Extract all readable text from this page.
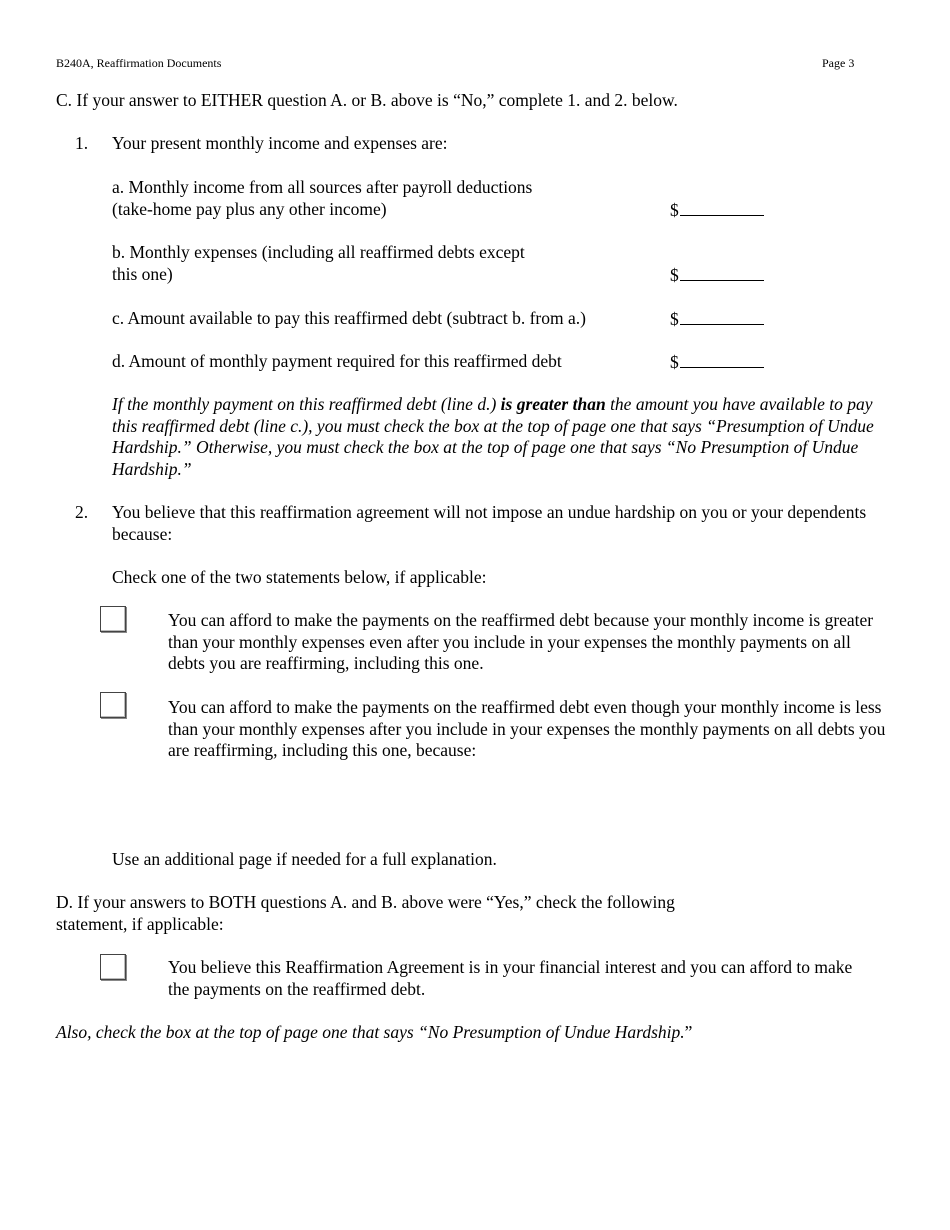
B240A, Reaffirmation Documents	Page 3
C. If your answer to EITHER question A. or B. above is “No,” complete 1. and 2. below.
1. Your present monthly income and expenses are:
a. Monthly income from all sources after payroll deductions
(take-home pay plus any other income)	$
b. Monthly expenses (including all reaffirmed debts except
this one)	$
c. Amount available to pay this reaffirmed debt (subtract b. from a.)	$
d. Amount of monthly payment required for this reaffirmed debt	$
If the monthly payment on this reaffirmed debt (line d.) is greater than the amount you have available to pay this reaffirmed debt (line c.), you must check the box at the top of page one that says “Presumption of Undue Hardship.” Otherwise, you must check the box at the top of page one that says “No Presumption of Undue Hardship.”
2. You believe that this reaffirmation agreement will not impose an undue hardship on you or your dependents because:
Check one of the two statements below, if applicable:
You can afford to make the payments on the reaffirmed debt because your monthly income is greater than your monthly expenses even after you include in your expenses the monthly payments on all debts you are reaffirming, including this one.
You can afford to make the payments on the reaffirmed debt even though your monthly income is less than your monthly expenses after you include in your expenses the monthly payments on all debts you are reaffirming, including this one, because:
Use an additional page if needed for a full explanation.
D. If your answers to BOTH questions A. and B. above were “Yes,” check the following
statement, if applicable:
You believe this Reaffirmation Agreement is in your financial interest and you can afford to make the payments on the reaffirmed debt.
Also, check the box at the top of page one that says “No Presumption of Undue Hardship.”
